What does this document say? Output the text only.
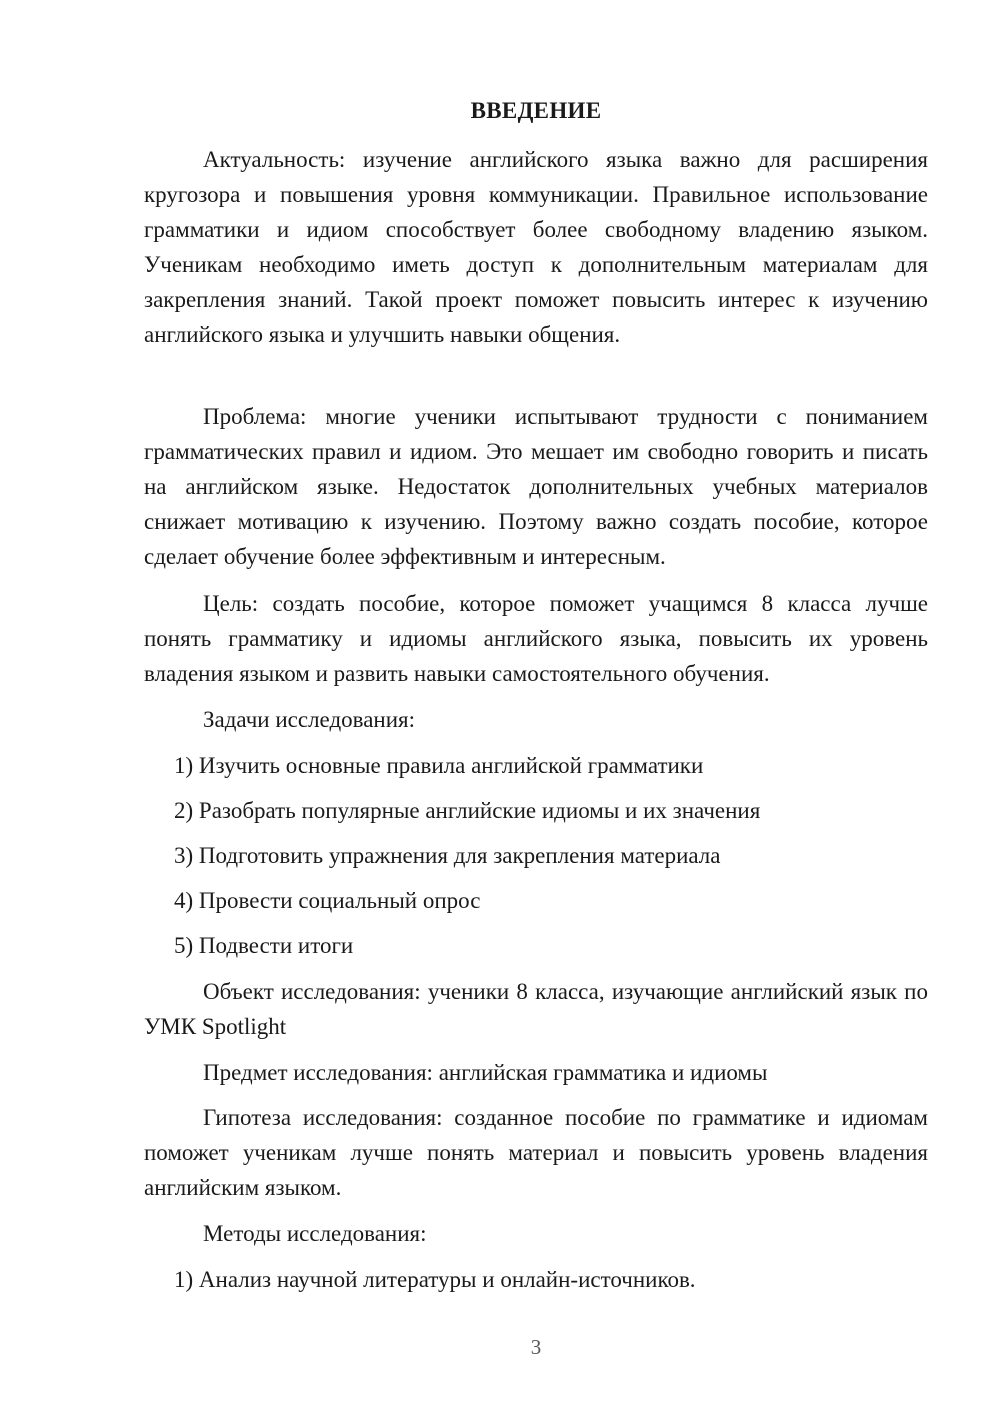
ВВЕДЕНИЕ

Актуальность: изучение английского языка важно для расширения кругозора и повышения уровня коммуникации. Правильное использование грамматики и идиом способствует более свободному владению языком. Ученикам необходимо иметь доступ к дополнительным материалам для закрепления знаний. Такой проект поможет повысить интерес к изучению английского языка и улучшить навыки общения.

Проблема: многие ученики испытывают трудности с пониманием грамматических правил и идиом. Это мешает им свободно говорить и писать на английском языке. Недостаток дополнительных учебных материалов снижает мотивацию к изучению. Поэтому важно создать пособие, которое сделает обучение более эффективным и интересным.

Цель: создать пособие, которое поможет учащимся 8 класса лучше понять грамматику и идиомы английского языка, повысить их уровень владения языком и развить навыки самостоятельного обучения.

Задачи исследования:

1) Изучить основные правила английской грамматики

2) Разобрать популярные английские идиомы и их значения

3) Подготовить упражнения для закрепления материала

4) Провести социальный опрос

5) Подвести итоги

Объект исследования: ученики 8 класса, изучающие английский язык по УМК Spotlight

Предмет исследования: английская грамматика и идиомы

Гипотеза исследования: созданное пособие по грамматике и идиомам поможет ученикам лучше понять материал и повысить уровень владения английским языком.

Методы исследования:

1) Анализ научной литературы и онлайн-источников.

3
